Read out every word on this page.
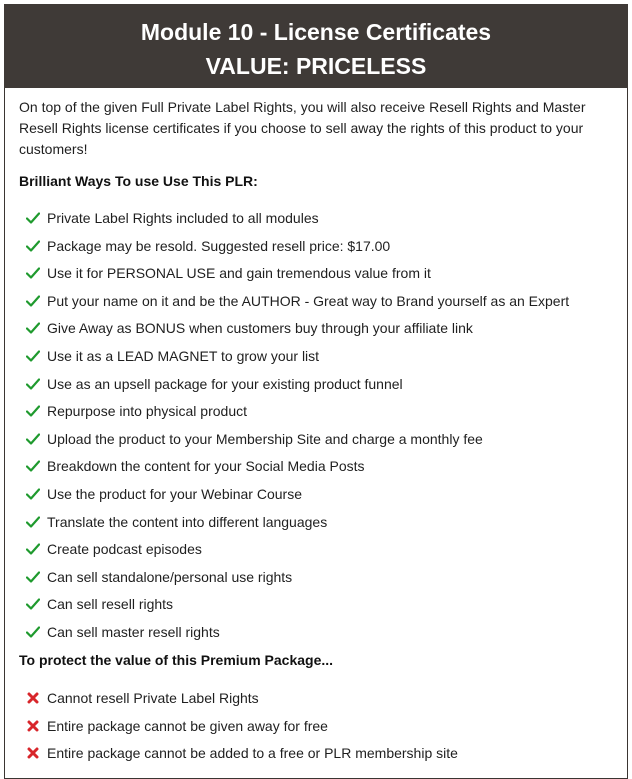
Module 10 - License Certificates
VALUE: PRICELESS
On top of the given Full Private Label Rights, you will also receive Resell Rights and Master Resell Rights license certificates if you choose to sell away the rights of this product to your customers!
Brilliant Ways To use Use This PLR:
Private Label Rights included to all modules
Package may be resold. Suggested resell price: $17.00
Use it for PERSONAL USE and gain tremendous value from it
Put your name on it and be the AUTHOR - Great way to Brand yourself as an Expert
Give Away as BONUS when customers buy through your affiliate link
Use it as a LEAD MAGNET to grow your list
Use as an upsell package for your existing product funnel
Repurpose into physical product
Upload the product to your Membership Site and charge a monthly fee
Breakdown the content for your Social Media Posts
Use the product for your Webinar Course
Translate the content into different languages
Create podcast episodes
Can sell standalone/personal use rights
Can sell resell rights
Can sell master resell rights
To protect the value of this Premium Package...
Cannot resell Private Label Rights
Entire package cannot be given away for free
Entire package cannot be added to a free or PLR membership site
